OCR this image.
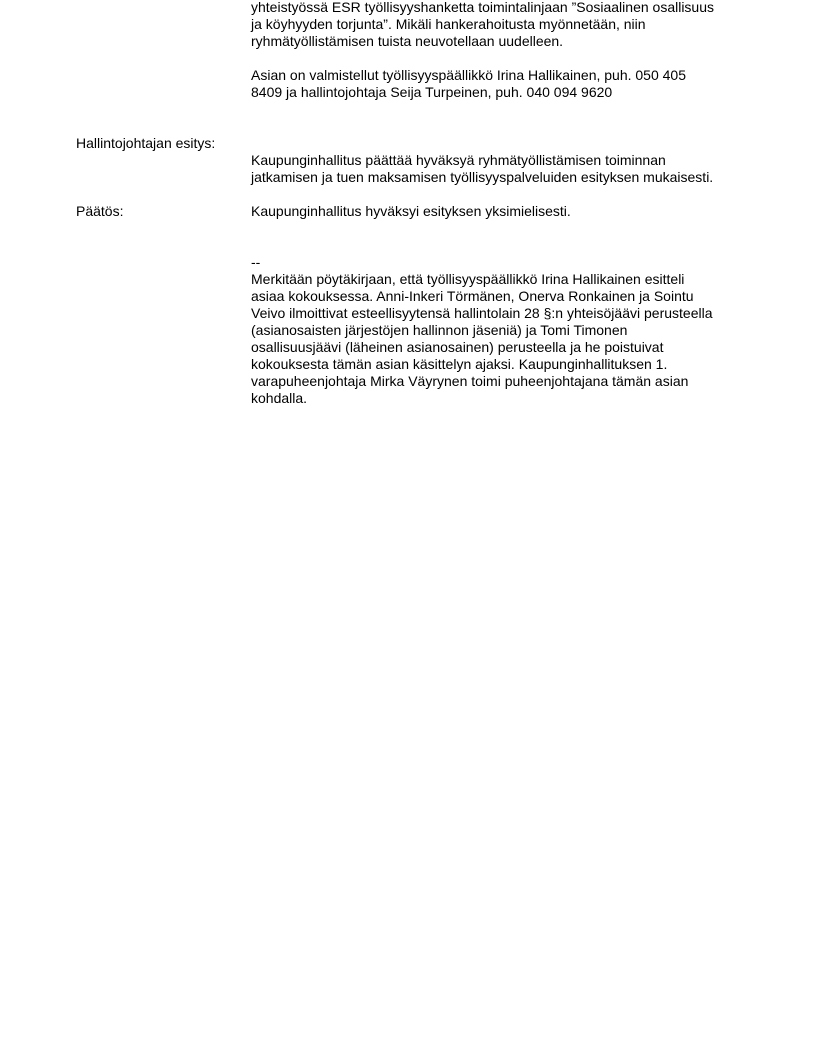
yhteistyössä ESR työllisyyshanketta toimintalinjaan ”Sosiaalinen osallisuus
ja köyhyyden torjunta”. Mikäli hankerahoitusta myönnetään, niin
ryhmätyöllistämisen tuista neuvotellaan uudelleen.

Asian on valmistellut työllisyyspäällikkö Irina Hallikainen, puh. 050 405
8409 ja hallintojohtaja Seija Turpeinen, puh. 040 094 9620

Hallintojohtajan esitys:

Kaupunginhallitus päättää hyväksyä ryhmätyöllistämisen toiminnan
jatkamisen ja tuen maksamisen työllisyyspalveluiden esityksen mukaisesti.

Päätös:	Kaupunginhallitus hyväksyi esityksen yksimielisesti.

--
Merkitään pöytäkirjaan, että työllisyyspäällikkö Irina Hallikainen esitteli
asiaa kokouksessa. Anni-Inkeri Törmänen, Onerva Ronkainen ja Sointu
Veivo ilmoittivat esteellisyytensä hallintolain 28 §:n yhteisöjäävi perusteella
(asianosaisten järjestöjen hallinnon jäseniä) ja Tomi Timonen
osallisuusjäävi (läheinen asianosainen) perusteella ja he poistuivat
kokouksesta tämän asian käsittelyn ajaksi. Kaupunginhallituksen 1.
varapuheenjohtaja Mirka Väyrynen toimi puheenjohtajana tämän asian
kohdalla.
